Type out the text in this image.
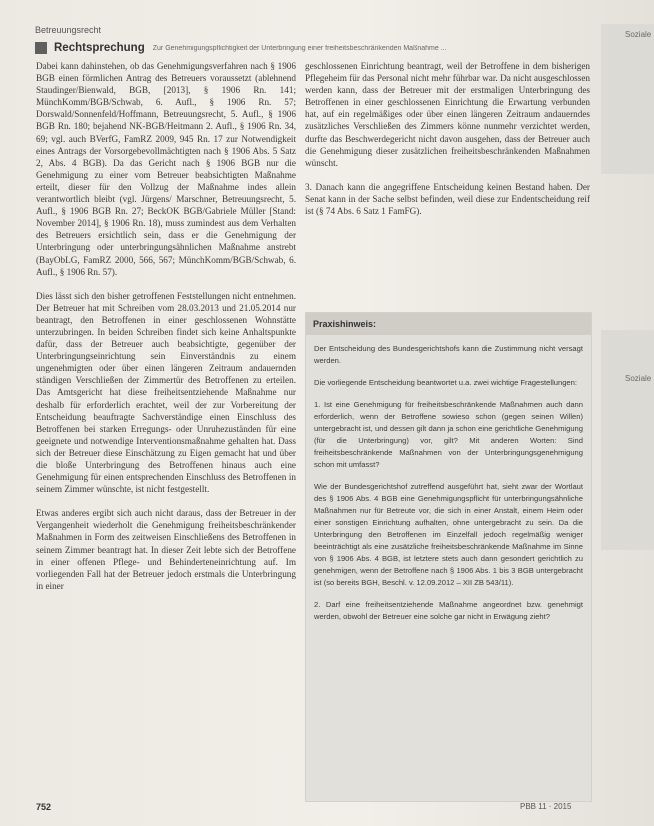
Soziale
Soziale
Betreuungsrecht
Rechtsprechung Zur Genehmigungspflichtigkeit der Unterbringung einer freiheitsbeschränkenden Maßnahme ...

Dabei kann dahinstehen, ob das Genehmigungsverfahren nach § 1906 BGB einen förmlichen Antrag des Betreuers voraussetzt (ablehnend Staudinger/Bienwald, BGB, [2013], § 1906 Rn. 141; MünchKomm/BGB/Schwab, 6. Aufl., § 1906 Rn. 57; Dorswald/Sonnenfeld/Hoffmann, Betreuungsrecht, 5. Aufl., § 1906 BGB Rn. 180; bejahend NK-BGB/Heitmann 2. Aufl., § 1906 Rn. 34, 69; vgl. auch BVerfG, FamRZ 2009, 945 Rn. 17 zur Notwendigkeit eines Antrags der Vorsorgebevollmächtigten nach § 1906 Abs. 5 Satz 2, Abs. 4 BGB). Da das Gericht nach § 1906 BGB nur die Genehmigung zu einer vom Betreuer beabsichtigten Maßnahme erteilt, dieser für den Vollzug der Maßnahme indes allein verantwortlich bleibt (vgl. Jürgens/ Marschner, Betreuungsrecht, 5. Aufl., § 1906 BGB Rn. 27; BeckOK BGB/Gabriele Müller [Stand: November 2014], § 1906 Rn. 18), muss zumindest aus dem Verhalten des Betreuers ersichtlich sein, dass er die Genehmigung der Unterbringung oder unterbringungsähnlichen Maßnahme anstrebt (BayObLG, FamRZ 2000, 566, 567; MünchKomm/BGB/Schwab, 6. Aufl., § 1906 Rn. 57).

Dies lässt sich den bisher getroffenen Feststellungen nicht entnehmen. Der Betreuer hat mit Schreiben vom 28.03.2013 und 21.05.2014 nur beantragt, den Betroffenen in einer geschlossenen Wohnstätte unterzubringen. In beiden Schreiben findet sich keine Anhaltspunkte dafür, dass der Betreuer auch beabsichtigte, gegenüber der Unterbringungseinrichtung sein Einverständnis zu einem ungenehmigten oder über einen längeren Zeitraum andauernden ständigen Verschließen der Zimmertür des Betroffenen zu erteilen. Das Amtsgericht hat diese freiheitsentziehende Maßnahme nur deshalb für erforderlich erachtet, weil der zur Vorbereitung der Entscheidung beauftragte Sachverständige einen Einschluss des Betroffenen bei starken Erregungs- oder Unruhezuständen für eine geeignete und notwendige Interventionsmaßnahme gehalten hat. Dass sich der Betreuer diese Einschätzung zu Eigen gemacht hat und über die bloße Unterbringung des Betroffenen hinaus auch eine Genehmigung für einen entsprechenden Einschluss des Betroffenen in seinem Zimmer wünschte, ist nicht festgestellt.

Etwas anderes ergibt sich auch nicht daraus, dass der Betreuer in der Vergangenheit wiederholt die Genehmigung freiheitsbeschränkender Maßnahmen in Form des zeitweisen Einschließens des Betroffenen in seinem Zimmer beantragt hat. In dieser Zeit lebte sich der Betroffene in einer offenen Pflege- und Behinderteneinrichtung auf. Im vorliegenden Fall hat der Betreuer jedoch erstmals die Unterbringung in einer

geschlossenen Einrichtung beantragt, weil der Betroffene in dem bisherigen Pflegeheim für das Personal nicht mehr führbar war. Da nicht ausgeschlossen werden kann, dass der Betreuer mit der erstmaligen Unterbringung des Betroffenen in einer geschlossenen Einrichtung die Erwartung verbunden hat, auf ein regelmäßiges oder über einen längeren Zeitraum andauerndes zusätzliches Verschließen des Zimmers könne nunmehr verzichtet werden, durfte das Beschwerdegericht nicht davon ausgehen, dass der Betreuer auch die Genehmigung dieser zusätzlichen freiheitsbeschränkenden Maßnahmen wünscht.

3. Danach kann die angegriffene Entscheidung keinen Bestand haben. Der Senat kann in der Sache selbst befinden, weil diese zur Endentscheidung reif ist (§ 74 Abs. 6 Satz 1 FamFG).

Praxishinweis:

Der Entscheidung des Bundesgerichtshofs kann die Zustimmung nicht versagt werden.

Die vorliegende Entscheidung beantwortet u.a. zwei wichtige Fragestellungen:

1. Ist eine Genehmigung für freiheitsbeschränkende Maßnahmen auch dann erforderlich, wenn der Betroffene sowieso schon (gegen seinen Willen) untergebracht ist, und dessen gilt dann ja schon eine gerichtliche Genehmigung (für die Unterbringung) vor, gilt? Mit anderen Worten: Sind freiheitsbeschränkende Maßnahmen von der Unterbringungsgenehmigung schon mit umfasst?

Wie der Bundesgerichtshof zutreffend ausgeführt hat, sieht zwar der Wortlaut des § 1906 Abs. 4 BGB eine Genehmigungspflicht für unterbringungsähnliche Maßnahmen nur für Betreute vor, die sich in einer Anstalt, einem Heim oder einer sonstigen Einrichtung aufhalten, ohne untergebracht zu sein. Da die Unterbringung den Betroffenen im Einzelfall jedoch regelmäßig weniger beeinträchtigt als eine zusätzliche freiheitsbeschränkende Maßnahme im Sinne von § 1906 Abs. 4 BGB, ist letztere stets auch dann gesondert gerichtlich zu genehmigen, wenn der Betroffene nach § 1906 Abs. 1 bis 3 BGB untergebracht ist (so bereits BGH, Beschl. v. 12.09.2012 – XII ZB 543/11).

2. Darf eine freiheitsentziehende Maßnahme angeordnet bzw. genehmigt werden, obwohl der Betreuer eine solche gar nicht in Erwägung zieht?

752	PBB 11 · 2015
